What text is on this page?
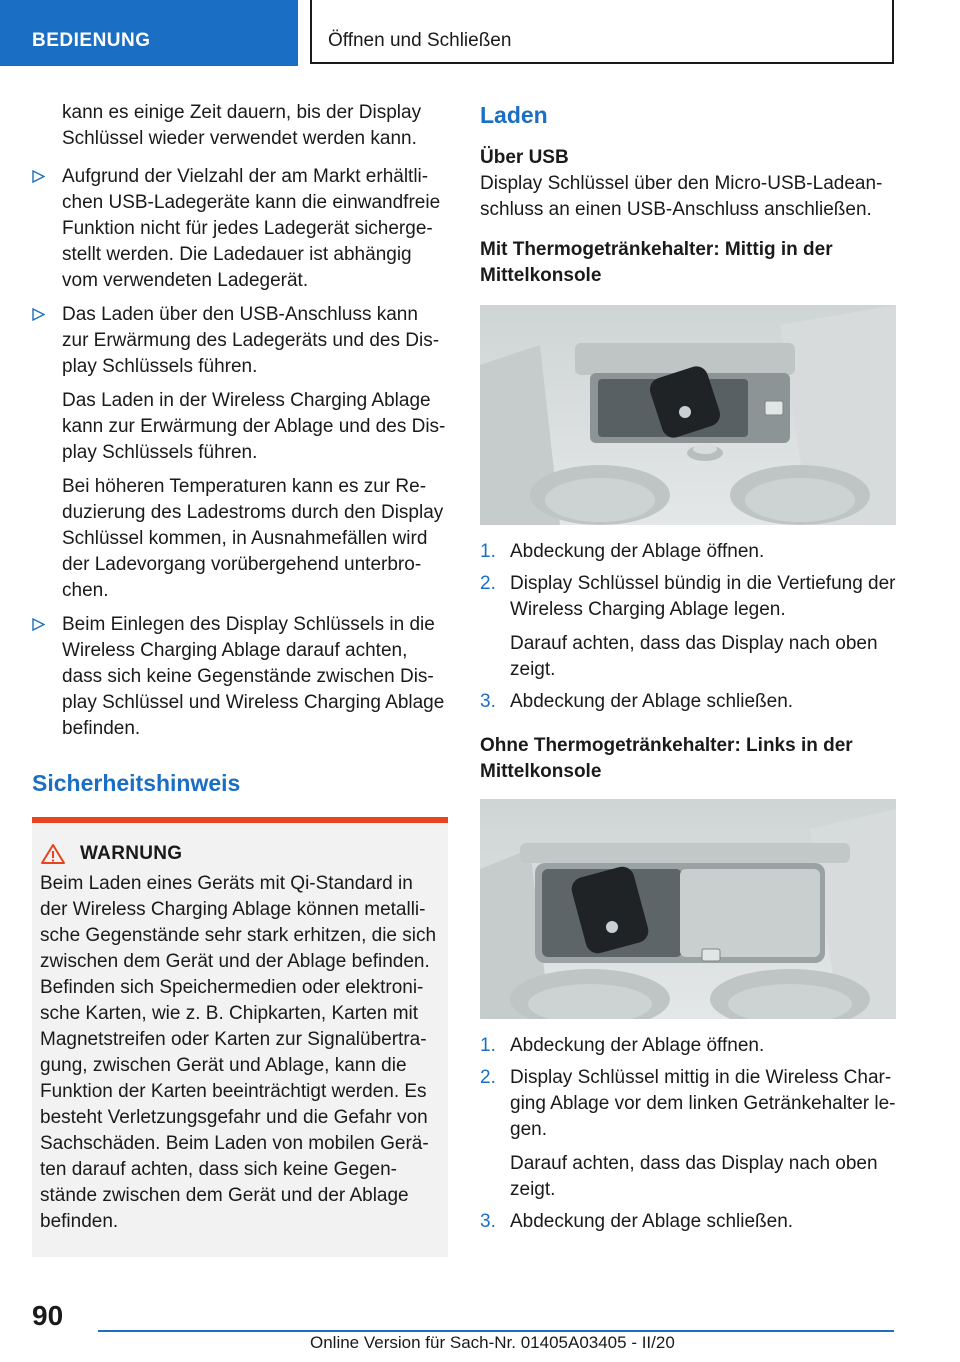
BEDIENUNG	Öffnen und Schließen

kann es einige Zeit dauern, bis der Display

Schlüssel wieder verwendet werden kann.

Aufgrund der Vielzahl der am Markt erhältli-chen USB-Ladegeräte kann die einwandfreie Funktion nicht für jedes Ladegerät sicherge-stellt werden. Die Ladedauer ist abhängig vom verwendeten Ladegerät.

Das Laden über den USB-Anschluss kann zur Erwärmung des Ladegeräts und des Dis-play Schlüssels führen.

Das Laden in der Wireless Charging Ablage kann zur Erwärmung der Ablage und des Dis-play Schlüssels führen.

Bei höheren Temperaturen kann es zur Re-duzierung des Ladestroms durch den Display Schlüssel kommen, in Ausnahmefällen wird der Ladevorgang vorübergehend unterbro-chen.

Beim Einlegen des Display Schlüssels in die Wireless Charging Ablage darauf achten, dass sich keine Gegenstände zwischen Dis-play Schlüssel und Wireless Charging Ablage befinden.

Sicherheitshinweis
WARNUNG

Beim Laden eines Geräts mit Qi-Standard in der Wireless Charging Ablage können metalli-sche Gegenstände sehr stark erhitzen, die sich zwischen dem Gerät und der Ablage befinden. Befinden sich Speichermedien oder elektroni-sche Karten, wie z. B. Chipkarten, Karten mit Magnetstreifen oder Karten zur Signalübertra-gung, zwischen Gerät und Ablage, kann die Funktion der Karten beeinträchtigt werden. Es besteht Verletzungsgefahr und die Gefahr von Sachschäden. Beim Laden von mobilen Gerä-ten darauf achten, dass sich keine Gegen-stände zwischen dem Gerät und der Ablage befinden.

Laden

Über USB

Display Schlüssel über den Micro-USB-Ladean-schluss an einen USB-Anschluss anschließen.

Mit Thermogetränkehalter: Mittig in der Mittelkonsole

1. Abdeckung der Ablage öffnen.
2. Display Schlüssel bündig in die Vertiefung der Wireless Charging Ablage legen.
Darauf achten, dass das Display nach oben zeigt.
3. Abdeckung der Ablage schließen.

Ohne Thermogetränkehalter: Links in der Mittelkonsole

1. Abdeckung der Ablage öffnen.
2. Display Schlüssel mittig in die Wireless Char-ging Ablage vor dem linken Getränkehalter le-gen.
Darauf achten, dass das Display nach oben zeigt.
3. Abdeckung der Ablage schließen.
90
Online Version für Sach-Nr. 01405A03405 - II/20
